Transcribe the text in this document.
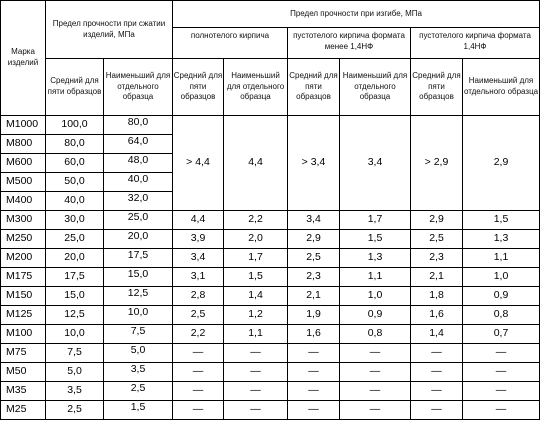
Марка изделий	Предел прочности при сжатии изделий, МПа		Предел прочности при изгибе, МПа					
			полнотелого кирпича		пустотелого кирпича формата менее 1,4НФ		пустотелого кирпича формата 1,4НФ	
	Средний для пяти образцов	Наименьший для отдельного образца	Средний для пяти образцов	Наименьший для отдельного образца	Средний для пяти образцов	Наименьший для отдельного образца	Средний для пяти образцов	Наименьший для отдельного образца
М1000	100,0	80,0	> 4,4	4,4	> 3,4	3,4	> 2,9	2,9
М800	80,0	64,0						
М600	60,0	48,0						
М500	50,0	40,0						
М400	40,0	32,0						
М300	30,0	25,0	4,4	2,2	3,4	1,7	2,9	1,5
М250	25,0	20,0	3,9	2,0	2,9	1,5	2,5	1,3
М200	20,0	17,5	3,4	1,7	2,5	1,3	2,3	1,1
М175	17,5	15,0	3,1	1,5	2,3	1,1	2,1	1,0
М150	15,0	12,5	2,8	1,4	2,1	1,0	1,8	0,9
М125	12,5	10,0	2,5	1,2	1,9	0,9	1,6	0,8
М100	10,0	7,5	2,2	1,1	1,6	0,8	1,4	0,7
М75	7,5	5,0	—	—	—	—	—	—
М50	5,0	3,5	—	—	—	—	—	—
М35	3,5	2,5	—	—	—	—	—	—
М25	2,5	1,5	—	—	—	—	—	—
